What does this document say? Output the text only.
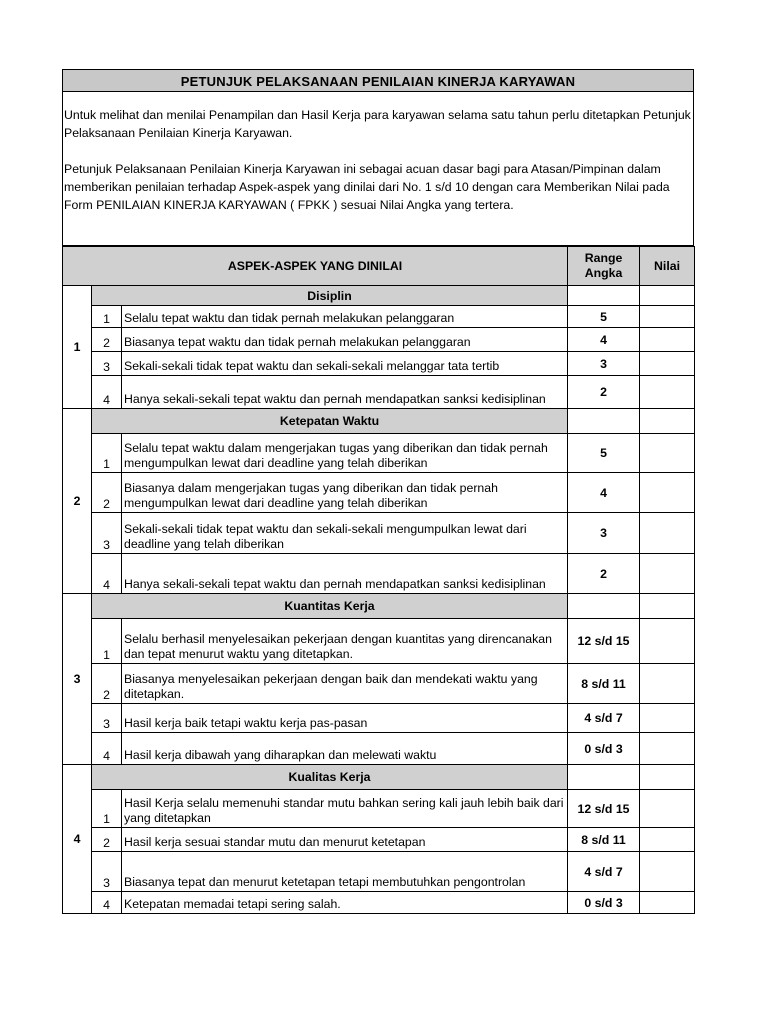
PETUNJUK PELAKSANAAN PENILAIAN KINERJA KARYAWAN

Untuk melihat dan menilai Penampilan dan Hasil Kerja para karyawan selama satu tahun perlu ditetapkan Petunjuk Pelaksanaan Penilaian Kinerja Karyawan.

Petunjuk Pelaksanaan Penilaian Kinerja Karyawan ini sebagai acuan dasar bagi para Atasan/Pimpinan dalam memberikan penilaian terhadap Aspek-aspek yang dinilai dari No. 1 s/d 10 dengan cara Memberikan Nilai pada Form PENILAIAN KINERJA KARYAWAN ( FPKK ) sesuai Nilai Angka yang tertera.

ASPEK-ASPEK YANG DINILAI			Range Angka	Nilai
1	Disiplin			
	1	Selalu tepat waktu dan tidak pernah melakukan pelanggaran	5	
	2	Biasanya tepat waktu dan tidak pernah melakukan pelanggaran	4	
	3	Sekali-sekali tidak tepat waktu dan sekali-sekali melanggar tata tertib	3	
	4	Hanya sekali-sekali tepat waktu dan pernah mendapatkan sanksi kedisiplinan	2	
2	Ketepatan Waktu			
	1	Selalu tepat waktu dalam mengerjakan tugas yang diberikan dan tidak pernah mengumpulkan lewat dari deadline yang telah diberikan	5	
	2	Biasanya dalam mengerjakan tugas yang diberikan dan tidak pernah mengumpulkan lewat dari deadline yang telah diberikan	4	
	3	Sekali-sekali tidak tepat waktu dan sekali-sekali mengumpulkan lewat dari deadline yang telah diberikan	3	
	4	Hanya sekali-sekali tepat waktu dan pernah mendapatkan sanksi kedisiplinan	2	
3	Kuantitas Kerja			
	1	Selalu berhasil menyelesaikan pekerjaan dengan kuantitas yang direncanakan dan tepat menurut waktu yang ditetapkan.	12 s/d 15	
	2	Biasanya menyelesaikan pekerjaan dengan baik dan mendekati waktu yang ditetapkan.	8 s/d 11	
	3	Hasil kerja baik tetapi waktu kerja pas-pasan	4 s/d 7	
	4	Hasil kerja dibawah yang diharapkan dan melewati waktu	0 s/d 3	
4	Kualitas Kerja			
	1	Hasil Kerja selalu memenuhi standar mutu bahkan sering kali jauh lebih baik dari yang ditetapkan	12 s/d 15	
	2	Hasil kerja sesuai standar mutu dan menurut ketetapan	8 s/d 11	
	3	Biasanya tepat dan menurut ketetapan tetapi membutuhkan pengontrolan	4 s/d 7	
	4	Ketepatan memadai tetapi sering salah.	0 s/d 3	
